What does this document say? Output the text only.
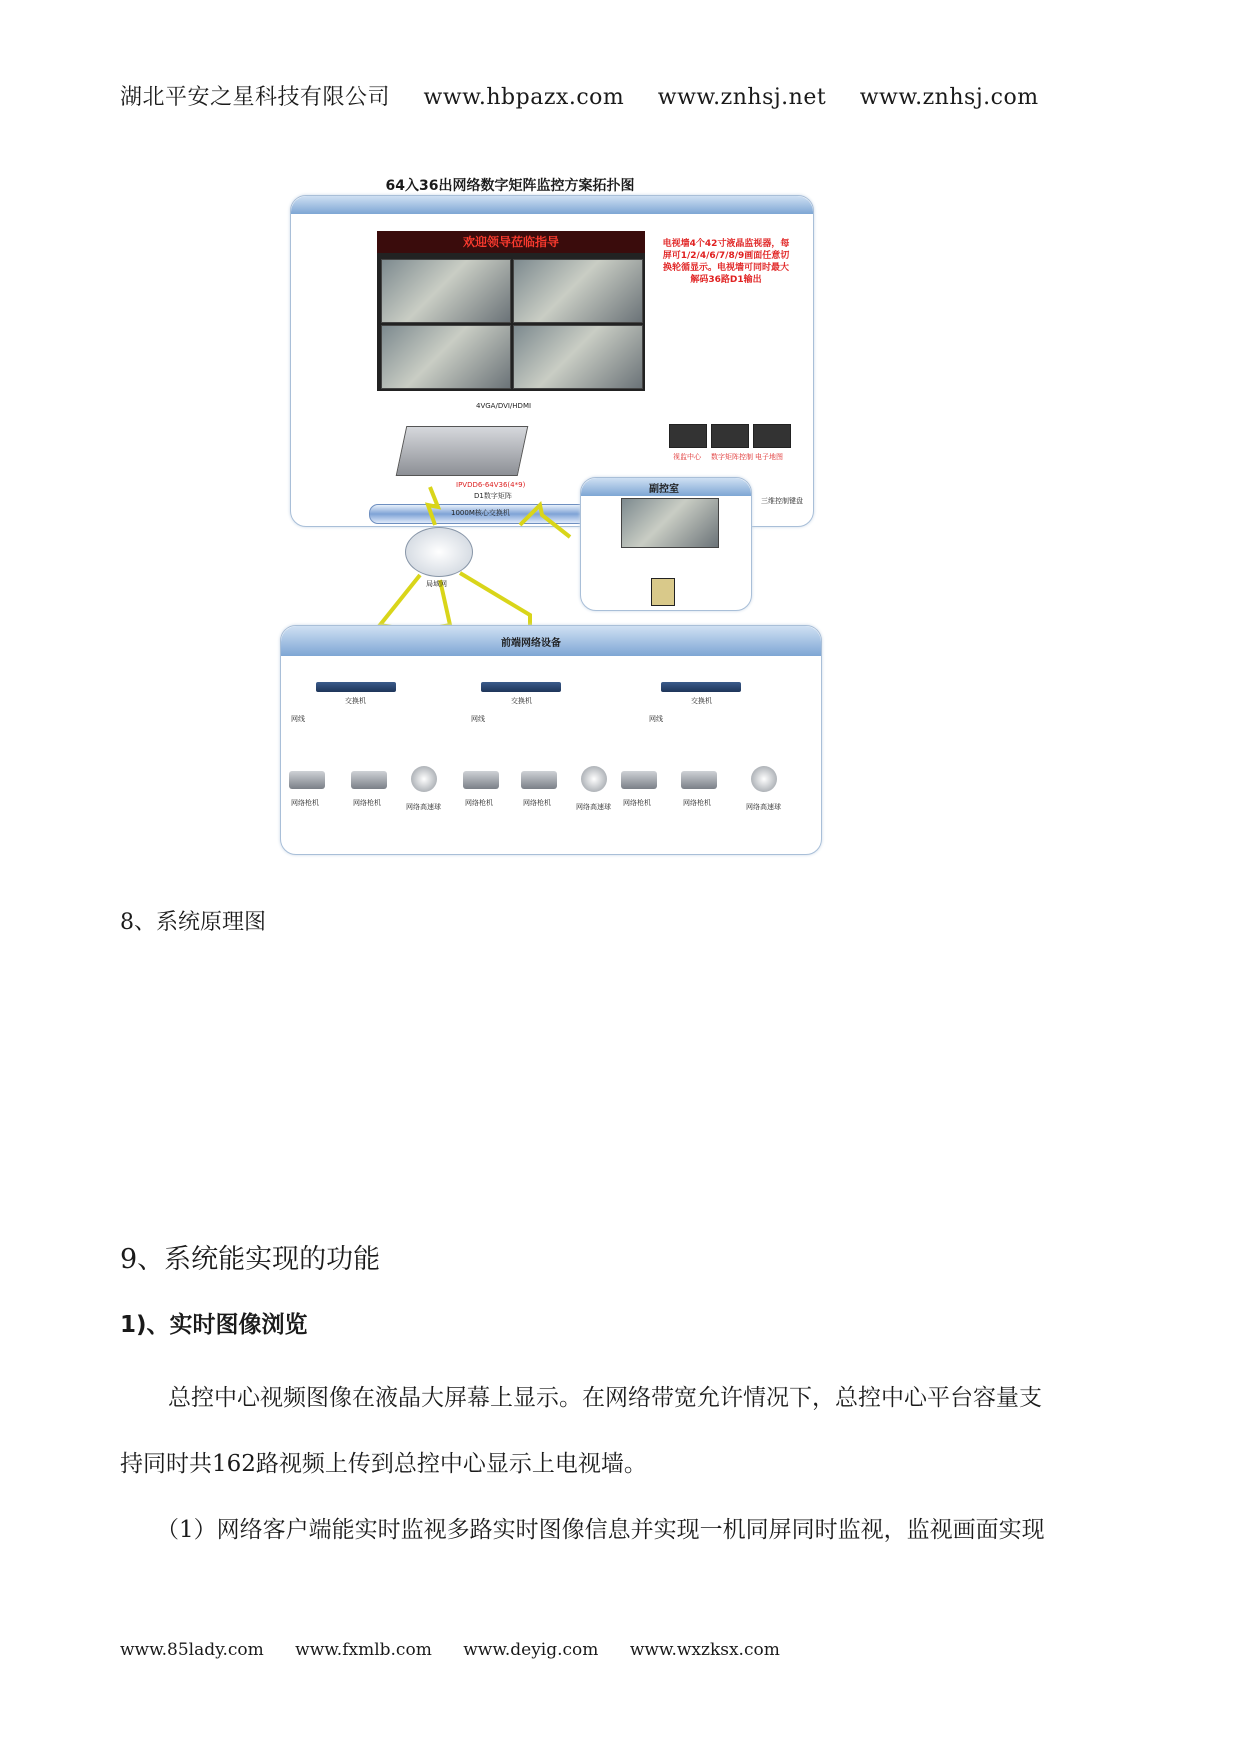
湖北平安之星科技有限公司 www.hbpazx.com www.znhsj.net www.znhsj.com
64入36出网络数字矩阵监控方案拓扑图
欢迎领导莅临指导	电视墙4个42寸液晶监视器，每屏可1/2/4/6/7/8/9画面任意切换轮循显示。电视墙可同时最大解码36路D1输出
4VGA/DVI/HDMI
IPVDD6-64V36(4*9)
D1数字矩阵
1000M核心交换机
视监中心 数字矩阵控制 电子地图
三维控制键盘
副控室
局域网
前端网络设备
交换机	交换机	交换机
网线	网线	网线
网络枪机	网络枪机	网络高速球	网络枪机	网络枪机	网络高速球 网络枪机	网络枪机	网络高速球
8、系统原理图
9、系统能实现的功能
1)、实时图像浏览
总控中心视频图像在液晶大屏幕上显示。在网络带宽允许情况下，总控中心平台容量支
持同时共162路视频上传到总控中心显示上电视墙。
（1）网络客户端能实时监视多路实时图像信息并实现一机同屏同时监视，监视画面实现
www.85lady.com www.fxmlb.com www.deyig.com www.wxzksx.com
